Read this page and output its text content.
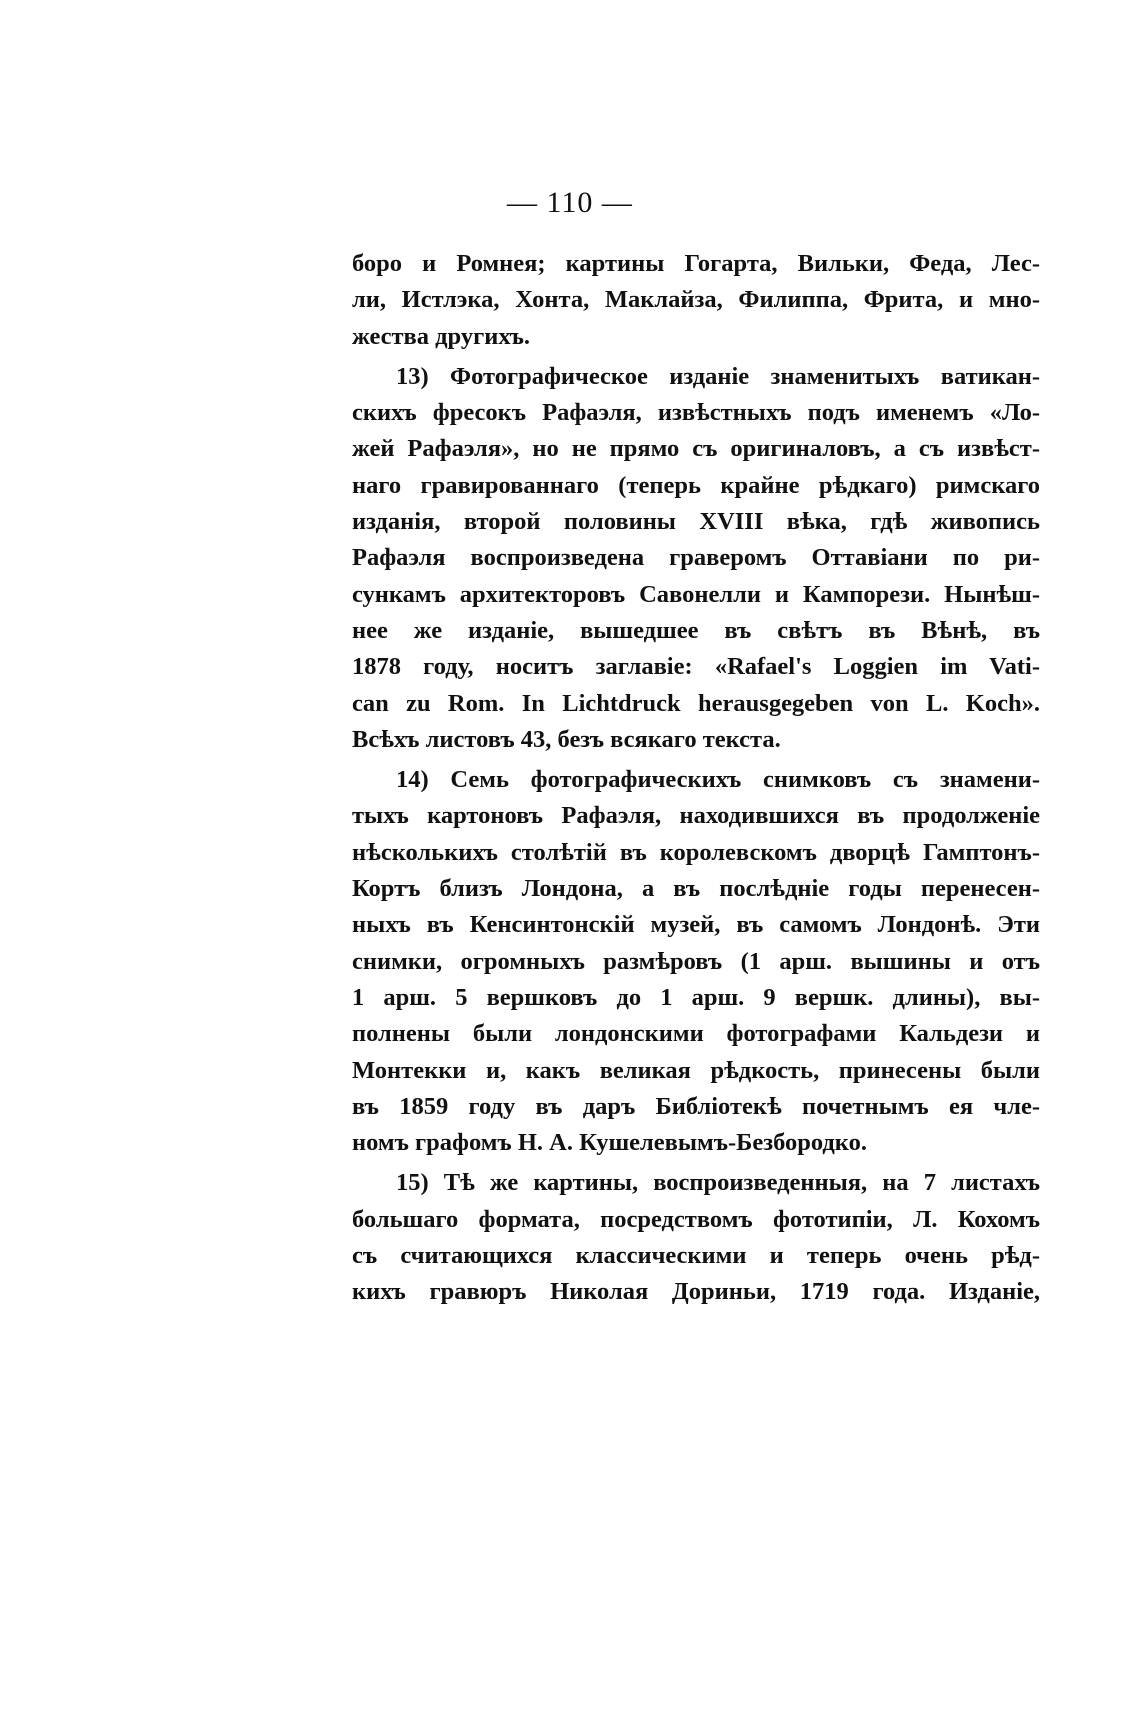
— 110 —

боро и Ромнея; картины Гогарта, Вильки, Феда, Лес-
ли, Истлэка, Хонта, Маклайза, Филиппа, Фрита, и мно-
жества другихъ.

13) Фотографическое изданіе знаменитыхъ ватикан-
скихъ фресокъ Рафаэля, извѣстныхъ подъ именемъ «Ло-
жей Рафаэля», но не прямо съ оригиналовъ, а съ извѣст-
наго гравированнаго (теперь крайне рѣдкаго) римскаго
изданія, второй половины XVIII вѣка, гдѣ живопись
Рафаэля воспроизведена граверомъ Оттавіани по ри-
сункамъ архитекторовъ Савонелли и Кампорези. Нынѣш-
нее же изданіе, вышедшее въ свѣтъ въ Вѣнѣ, въ
1878 году, носитъ заглавіе: «Rafael's Loggien im Vati-
can zu Rom. In Lichtdruck herausgegeben von L. Koch».
Всѣхъ листовъ 43, безъ всякаго текста.

14) Семь фотографическихъ снимковъ съ знамени-
тыхъ картоновъ Рафаэля, находившихся въ продолженіе
нѣсколькихъ столѣтій въ королевскомъ дворцѣ Гамптонъ-
Кортъ близъ Лондона, а въ послѣдніе годы перенесен-
ныхъ въ Кенсинтонскій музей, въ самомъ Лондонѣ. Эти
снимки, огромныхъ размѣровъ (1 арш. вышины и отъ
1 арш. 5 вершковъ до 1 арш. 9 вершк. длины), вы-
полнены были лондонскими фотографами Кальдези и
Монтекки и, какъ великая рѣдкость, принесены были
въ 1859 году въ даръ Библіотекѣ почетнымъ ея чле-
номъ графомъ Н. А. Кушелевымъ-Безбородко.

15) Тѣ же картины, воспроизведенныя, на 7 листахъ
большаго формата, посредствомъ фототипіи, Л. Кохомъ
съ считающихся классическими и теперь очень рѣд-
кихъ гравюръ Николая Дориньи, 1719 года. Изданіе,
